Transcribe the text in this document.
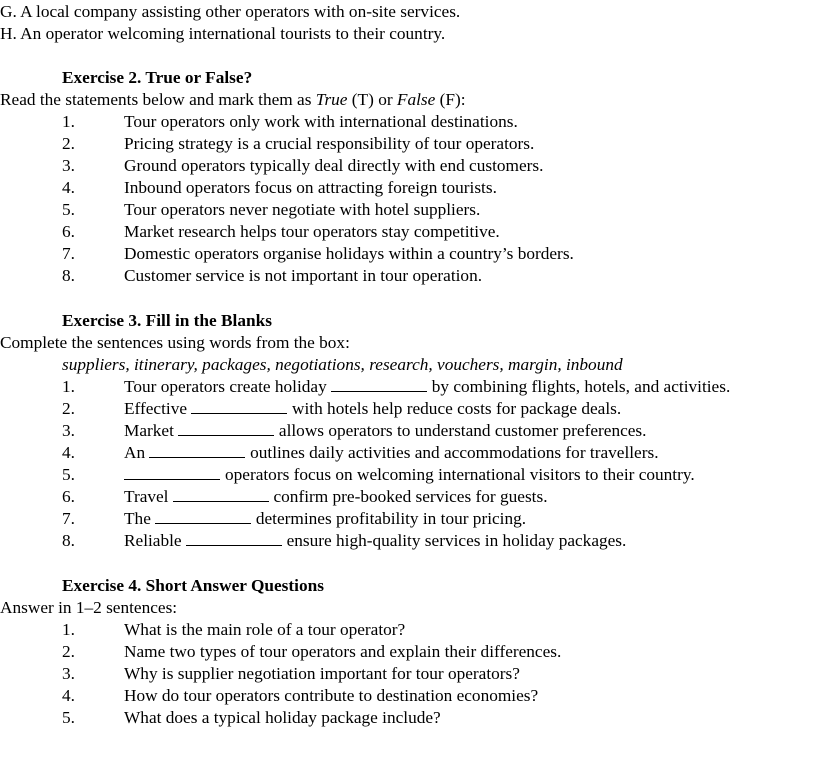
G. A local company assisting other operators with on-site services.
H. An operator welcoming international tourists to their country.
Exercise 2. True or False?
Read the statements below and mark them as True (T) or False (F):
1.	Tour operators only work with international destinations.
2.	Pricing strategy is a crucial responsibility of tour operators.
3.	Ground operators typically deal directly with end customers.
4.	Inbound operators focus on attracting foreign tourists.
5.	Tour operators never negotiate with hotel suppliers.
6.	Market research helps tour operators stay competitive.
7.	Domestic operators organise holidays within a country’s borders.
8.	Customer service is not important in tour operation.
Exercise 3. Fill in the Blanks
Complete the sentences using words from the box:
suppliers, itinerary, packages, negotiations, research, vouchers, margin, inbound
1.	Tour operators create holiday	by combining flights, hotels, and activities.
2.	Effective	with hotels help reduce costs for package deals.
3.	Market	allows operators to understand customer preferences.
4.	An	outlines daily activities and accommodations for travellers.
5.	operators focus on welcoming international visitors to their country.
6.	Travel	confirm pre-booked services for guests.
7.	The	determines profitability in tour pricing.
8.	Reliable	ensure high-quality services in holiday packages.
Exercise 4. Short Answer Questions
Answer in 1–2 sentences:
1.	What is the main role of a tour operator?
2.	Name two types of tour operators and explain their differences.
3.	Why is supplier negotiation important for tour operators?
4.	How do tour operators contribute to destination economies?
5.	What does a typical holiday package include?
